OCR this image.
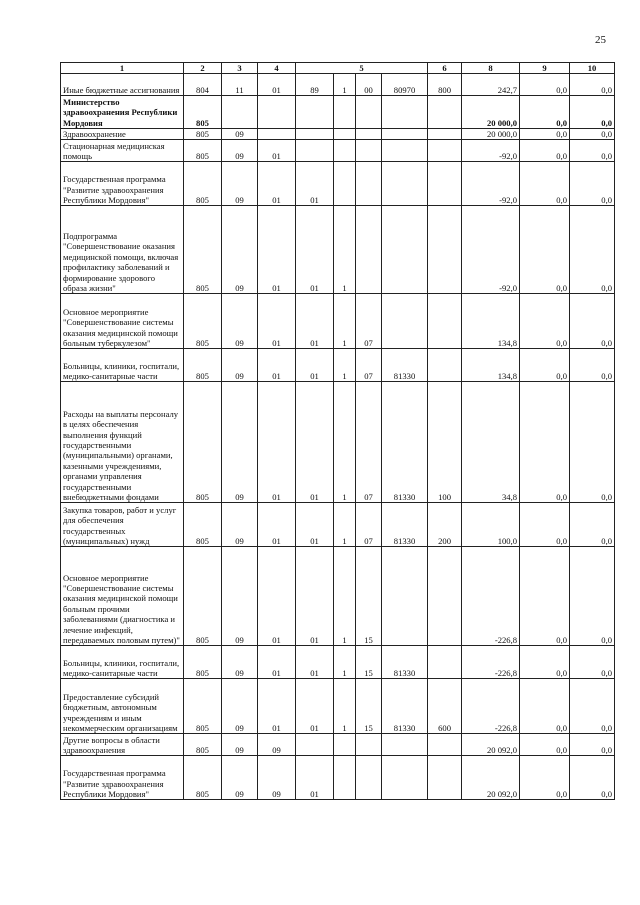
25
1	2	3	4	5				6	8	9	10
Иные бюджетные ассигнования	804	11	01	89	1	00	80970	800	242,7	0,0	0,0
Министерство здравоохранения Республики Мордовия	805								20 000,0	0,0	0,0
Здравоохранение	805	09							20 000,0	0,0	0,0
Стационарная медицинская помощь	805	09	01						-92,0	0,0	0,0
Государственная программа "Развитие здравоохранения Республики Мордовия"	805	09	01	01					-92,0	0,0	0,0
Подпрограмма "Совершенствование оказания медицинской помощи, включая профилактику заболеваний и формирование здорового образа жизни"	805	09	01	01	1				-92,0	0,0	0,0
Основное мероприятие "Совершенствование системы оказания медицинской помощи больным туберкулезом"	805	09	01	01	1	07			134,8	0,0	0,0
Больницы, клиники, госпитали, медико-санитарные части	805	09	01	01	1	07	81330		134,8	0,0	0,0
Расходы на выплаты персоналу в целях обеспечения выполнения функций государственными (муниципальными) органами, казенными учреждениями, органами управления государственными внебюджетными фондами	805	09	01	01	1	07	81330	100	34,8	0,0	0,0
Закупка товаров, работ и услуг для обеспечения государственных (муниципальных) нужд	805	09	01	01	1	07	81330	200	100,0	0,0	0,0
Основное мероприятие "Совершенствование системы оказания медицинской помощи больным прочими заболеваниями (диагностика и лечение инфекций, передаваемых половым путем)"	805	09	01	01	1	15			-226,8	0,0	0,0
Больницы, клиники, госпитали, медико-санитарные части	805	09	01	01	1	15	81330		-226,8	0,0	0,0
Предоставление субсидий бюджетным, автономным учреждениям и иным некоммерческим организациям	805	09	01	01	1	15	81330	600	-226,8	0,0	0,0
Другие вопросы в области здравоохранения	805	09	09						20 092,0	0,0	0,0
Государственная программа "Развитие здравоохранения Республики Мордовия"	805	09	09	01					20 092,0	0,0	0,0
